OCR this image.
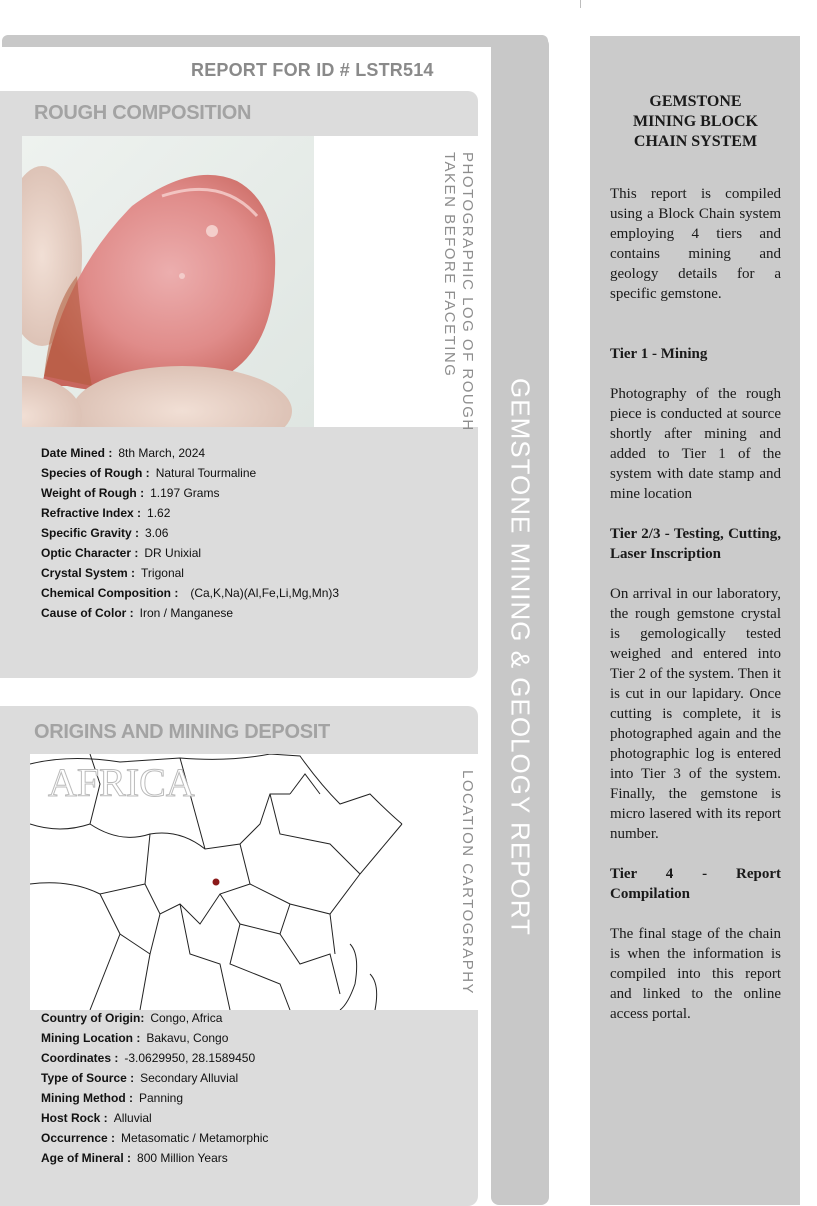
GEMSTONE MINING & GEOLOGY REPORT
REPORT FOR ID # LSTR514
ROUGH COMPOSITION
PHOTOGRAPHIC LOG OF ROUGH
TAKEN BEFORE FACETING
Date Mined : 8th March, 2024
Species of Rough : Natural Tourmaline
Weight of Rough : 1.197 Grams
Refractive Index : 1.62
Specific Gravity : 3.06
Optic Character : DR Unixial
Crystal System : Trigonal
Chemical Composition : (Ca,K,Na)(Al,Fe,Li,Mg,Mn)3
Cause of Color : Iron / Manganese
ORIGINS AND MINING DEPOSIT
AFRICA	LOCATION CARTOGRAPHY
Country of Origin: Congo, Africa
Mining Location : Bakavu, Congo
Coordinates : -3.0629950, 28.1589450
Type of Source : Secondary Alluvial
Mining Method : Panning
Host Rock : Alluvial
Occurrence : Metasomatic / Metamorphic
Age of Mineral : 800 Million Years
GEMSTONE
MINING BLOCK
CHAIN SYSTEM

This report is compiled using a Block Chain system employing 4 tiers and contains mining and geology details for a specific gemstone.

Tier 1 - Mining

Photography of the rough piece is conducted at source shortly after mining and added to Tier 1 of the system with date stamp and mine location

Tier 2/3 - Testing, Cutting, Laser Inscription

On arrival in our laboratory, the rough gemstone crystal is gemologically tested weighed and entered into Tier 2 of the system. Then it is cut in our lapidary. Once cutting is complete, it is photographed again and the photographic log is entered into Tier 3 of the system. Finally, the gemstone is micro lasered with its report number.

Tier 4 - Report Compilation

The final stage of the chain is when the information is compiled into this report and linked to the online access portal.
